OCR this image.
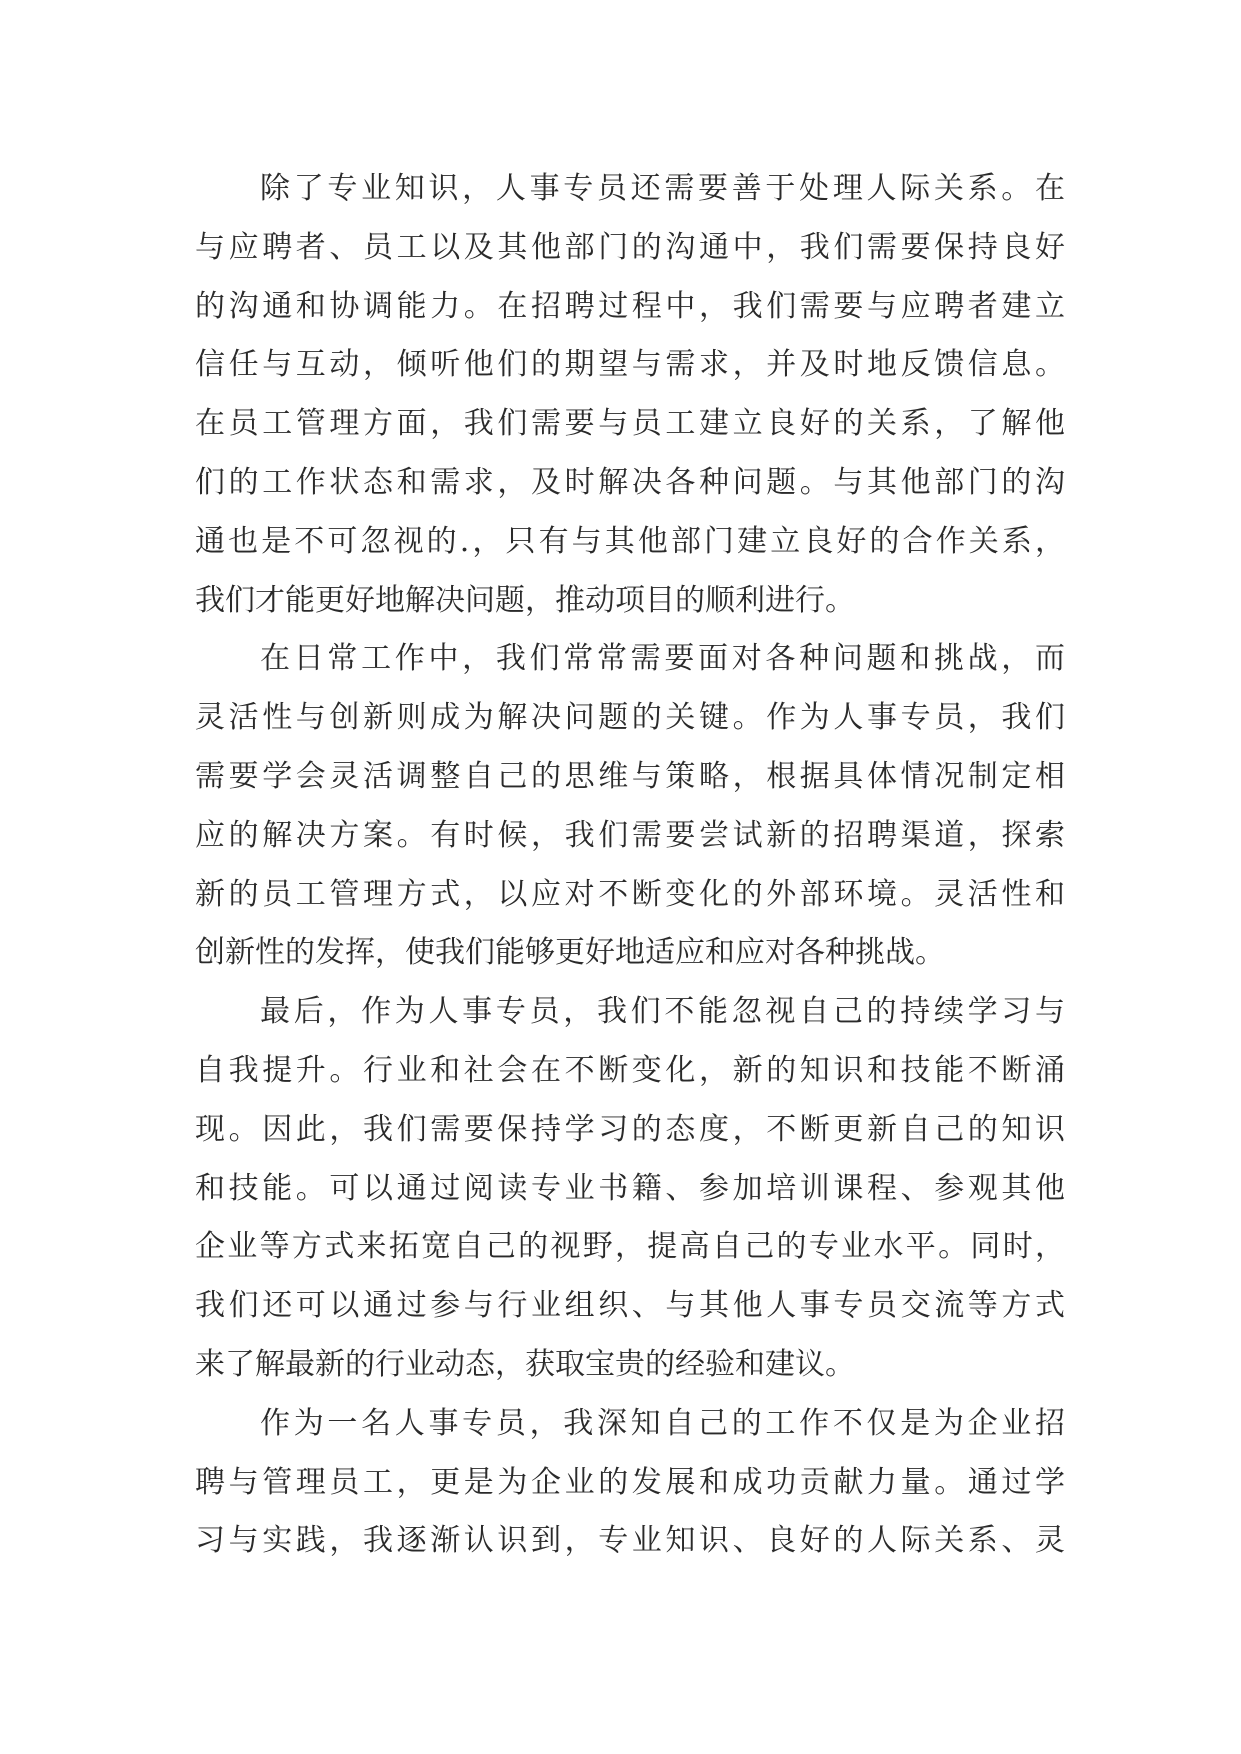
除了专业知识，人事专员还需要善于处理人际关系。在
与应聘者、员工以及其他部门的沟通中，我们需要保持良好
的沟通和协调能力。在招聘过程中，我们需要与应聘者建立
信任与互动，倾听他们的期望与需求，并及时地反馈信息。
在员工管理方面，我们需要与员工建立良好的关系，了解他
们的工作状态和需求，及时解决各种问题。与其他部门的沟
通也是不可忽视的.，只有与其他部门建立良好的合作关系，
我们才能更好地解决问题，推动项目的顺利进行。
在日常工作中，我们常常需要面对各种问题和挑战，而
灵活性与创新则成为解决问题的关键。作为人事专员，我们
需要学会灵活调整自己的思维与策略，根据具体情况制定相
应的解决方案。有时候，我们需要尝试新的招聘渠道，探索
新的员工管理方式，以应对不断变化的外部环境。灵活性和
创新性的发挥，使我们能够更好地适应和应对各种挑战。
最后，作为人事专员，我们不能忽视自己的持续学习与
自我提升。行业和社会在不断变化，新的知识和技能不断涌
现。因此，我们需要保持学习的态度，不断更新自己的知识
和技能。可以通过阅读专业书籍、参加培训课程、参观其他
企业等方式来拓宽自己的视野，提高自己的专业水平。同时，
我们还可以通过参与行业组织、与其他人事专员交流等方式
来了解最新的行业动态，获取宝贵的经验和建议。
作为一名人事专员，我深知自己的工作不仅是为企业招
聘与管理员工，更是为企业的发展和成功贡献力量。通过学
习与实践，我逐渐认识到，专业知识、良好的人际关系、灵
